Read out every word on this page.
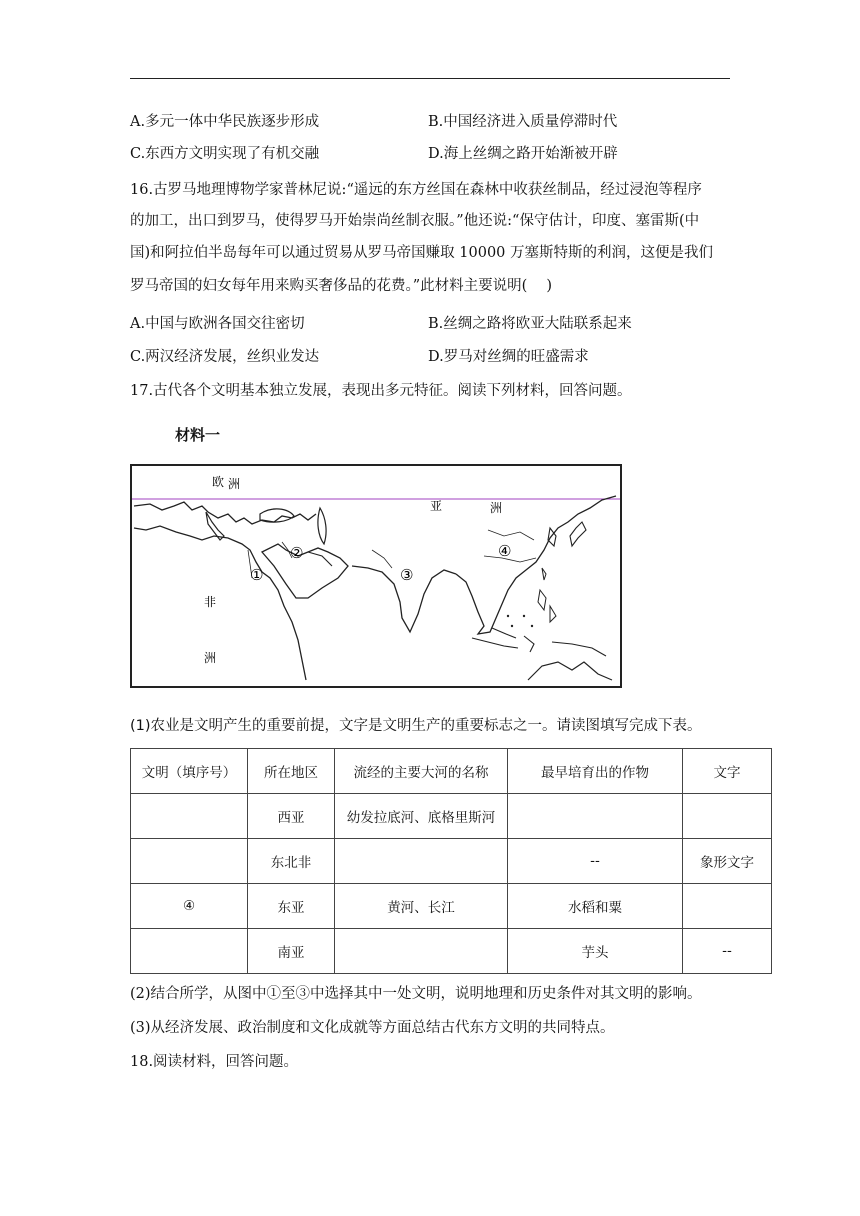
A.多元一体中华民族逐步形成	B.中国经济进入质量停滞时代
C.东西方文明实现了有机交融	D.海上丝绸之路开始渐被开辟
16.古罗马地理博物学家普林尼说:“遥远的东方丝国在森林中收获丝制品，经过浸泡等程序
的加工，出口到罗马，使得罗马开始崇尚丝制衣服。”他还说:“保守估计，印度、塞雷斯(中
国)和阿拉伯半岛每年可以通过贸易从罗马帝国赚取 10000 万塞斯特斯的利润，这便是我们
罗马帝国的妇女每年用来购买奢侈品的花费。”此材料主要说明(　 )
A.中国与欧洲各国交往密切	B.丝绸之路将欧亚大陆联系起来
C.两汉经济发展，丝织业发达	D.罗马对丝绸的旺盛需求
17.古代各个文明基本独立发展，表现出多元特征。阅读下列材料，回答问题。
材料一
欧 洲
亚	洲
非
洲
①
②
③
④
(1)农业是文明产生的重要前提，文字是文明生产的重要标志之一。请读图填写完成下表。
文明（填序号）	所在地区	流经的主要大河的名称	最早培育出的作物	文字
	西亚	幼发拉底河、底格里斯河		
	东北非		--	象形文字
④	东亚	黄河、长江	水稻和粟	
	南亚		芋头	--
(2)结合所学，从图中①至③中选择其中一处文明，说明地理和历史条件对其文明的影响。
(3)从经济发展、政治制度和文化成就等方面总结古代东方文明的共同特点。
18.阅读材料，回答问题。
